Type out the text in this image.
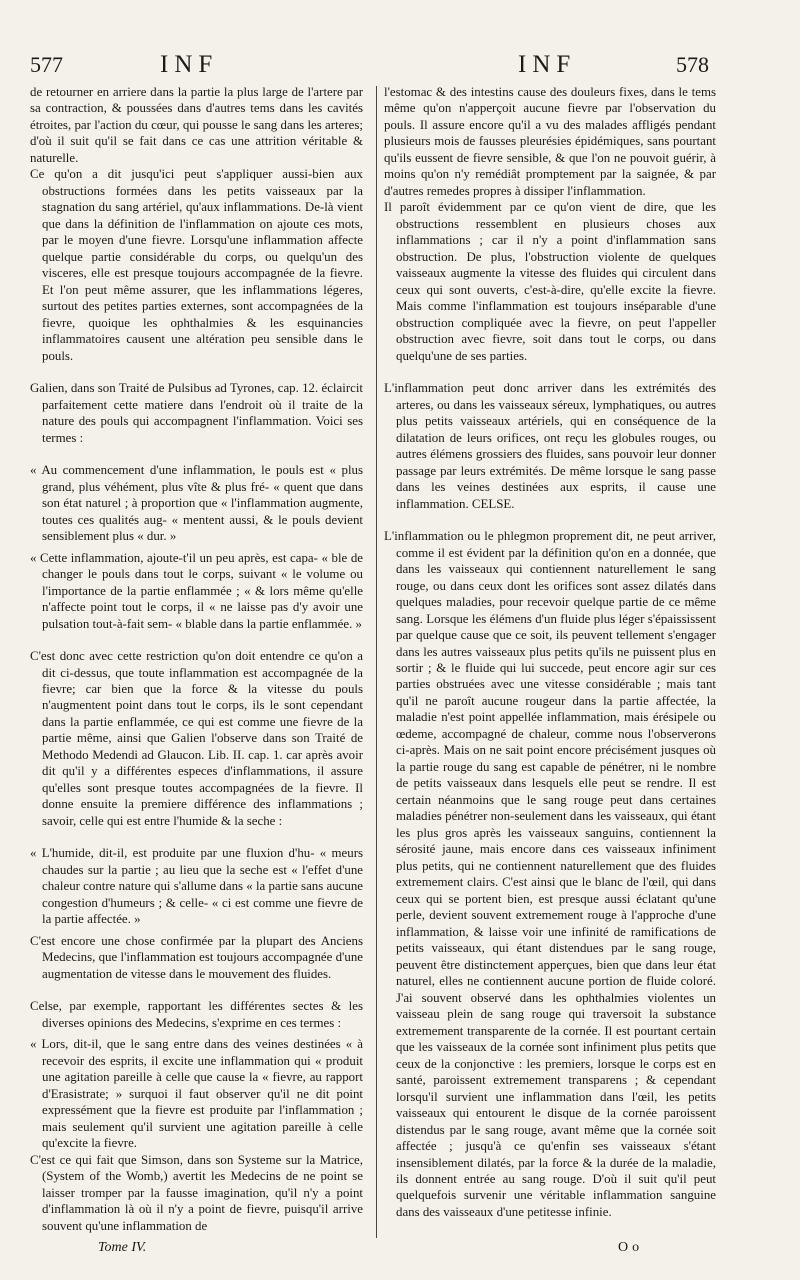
577	INF	INF	578

de retourner en arriere dans la partie la plus large de l'artere par sa contraction, & poussées dans d'autres tems dans les cavités étroites, par l'action du cœur, qui pousse le sang dans les arteres; d'où il suit qu'il se fait dans ce cas une attrition véritable & naturelle.

Ce qu'on a dit jusqu'ici peut s'appliquer aussi-bien aux obstructions formées dans les petits vaisseaux par la stagnation du sang artériel, qu'aux inflammations. De-là vient que dans la définition de l'inflammation on ajoute ces mots, par le moyen d'une fievre. Lorsqu'une inflammation affecte quelque partie considérable du corps, ou quelqu'un des visceres, elle est presque toujours accompagnée de la fievre. Et l'on peut même assurer, que les inflammations légeres, surtout des petites parties externes, sont accompagnées de la fievre, quoique les ophthalmies & les esquinancies inflammatoires causent une altération peu sensible dans le pouls.

Galien, dans son Traité de Pulsibus ad Tyrones, cap. 12. éclaircit parfaitement cette matiere dans l'endroit où il traite de la nature des pouls qui accompagnent l'inflammation. Voici ses termes :

« Au commencement d'une inflammation, le pouls est « plus grand, plus véhément, plus vîte & plus fré- « quent que dans son état naturel ; à proportion que « l'inflammation augmente, toutes ces qualités aug- « mentent aussi, & le pouls devient sensiblement plus « dur. »

« Cette inflammation, ajoute-t'il un peu après, est capa- « ble de changer le pouls dans tout le corps, suivant « le volume ou l'importance de la partie enflammée ; « & lors même qu'elle n'affecte point tout le corps, il « ne laisse pas d'y avoir une pulsation tout-à-fait sem- « blable dans la partie enflammée. »

C'est donc avec cette restriction qu'on doit entendre ce qu'on a dit ci-dessus, que toute inflammation est accompagnée de la fievre; car bien que la force & la vitesse du pouls n'augmentent point dans tout le corps, ils le sont cependant dans la partie enflammée, ce qui est comme une fievre de la partie même, ainsi que Galien l'observe dans son Traité de Methodo Medendi ad Glaucon. Lib. II. cap. 1. car après avoir dit qu'il y a différentes especes d'inflammations, il assure qu'elles sont presque toutes accompagnées de la fievre. Il donne ensuite la premiere différence des inflammations ; savoir, celle qui est entre l'humide & la seche :

« L'humide, dit-il, est produite par une fluxion d'hu- « meurs chaudes sur la partie ; au lieu que la seche est « l'effet d'une chaleur contre nature qui s'allume dans « la partie sans aucune congestion d'humeurs ; & celle- « ci est comme une fievre de la partie affectée. »

C'est encore une chose confirmée par la plupart des Anciens Medecins, que l'inflammation est toujours accompagnée d'une augmentation de vitesse dans le mouvement des fluides.

Celse, par exemple, rapportant les différentes sectes & les diverses opinions des Medecins, s'exprime en ces termes :

« Lors, dit-il, que le sang entre dans des veines destinées « à recevoir des esprits, il excite une inflammation qui « produit une agitation pareille à celle que cause la « fievre, au rapport d'Erasistrate; » surquoi il faut observer qu'il ne dit point expressément que la fievre est produite par l'inflammation ; mais seulement qu'il survient une agitation pareille à celle qu'excite la fievre.

C'est ce qui fait que Simson, dans son Systeme sur la Matrice, (System of the Womb,) avertit les Medecins de ne point se laisser tromper par la fausse imagination, qu'il n'y a point d'inflammation là où il n'y a point de fievre, puisqu'il arrive souvent qu'une inflammation de

l'estomac & des intestins cause des douleurs fixes, dans le tems même qu'on n'apperçoit aucune fievre par l'observation du pouls. Il assure encore qu'il a vu des malades affligés pendant plusieurs mois de fausses pleurésies épidémiques, sans pourtant qu'ils eussent de fievre sensible, & que l'on ne pouvoit guérir, à moins qu'on n'y remédiât promptement par la saignée, & par d'autres remedes propres à dissiper l'inflammation.

Il paroît évidemment par ce qu'on vient de dire, que les obstructions ressemblent en plusieurs choses aux inflammations ; car il n'y a point d'inflammation sans obstruction. De plus, l'obstruction violente de quelques vaisseaux augmente la vitesse des fluides qui circulent dans ceux qui sont ouverts, c'est-à-dire, qu'elle excite la fievre. Mais comme l'inflammation est toujours inséparable d'une obstruction compliquée avec la fievre, on peut l'appeller obstruction avec fievre, soit dans tout le corps, ou dans quelqu'une de ses parties.

L'inflammation peut donc arriver dans les extrémités des arteres, ou dans les vaisseaux séreux, lymphatiques, ou autres plus petits vaisseaux artériels, qui en conséquence de la dilatation de leurs orifices, ont reçu les globules rouges, ou autres élémens grossiers des fluides, sans pouvoir leur donner passage par leurs extrémités. De même lorsque le sang passe dans les veines destinées aux esprits, il cause une inflammation. CELSE.

L'inflammation ou le phlegmon proprement dit, ne peut arriver, comme il est évident par la définition qu'on en a donnée, que dans les vaisseaux qui contiennent naturellement le sang rouge, ou dans ceux dont les orifices sont assez dilatés dans quelques maladies, pour recevoir quelque partie de ce même sang. Lorsque les élémens d'un fluide plus léger s'épaississent par quelque cause que ce soit, ils peuvent tellement s'engager dans les autres vaisseaux plus petits qu'ils ne puissent plus en sortir ; & le fluide qui lui succede, peut encore agir sur ces parties obstruées avec une vitesse considérable ; mais tant qu'il ne paroît aucune rougeur dans la partie affectée, la maladie n'est point appellée inflammation, mais érésipele ou œdeme, accompagné de chaleur, comme nous l'observerons ci-après. Mais on ne sait point encore précisément jusques où la partie rouge du sang est capable de pénétrer, ni le nombre de petits vaisseaux dans lesquels elle peut se rendre. Il est certain néanmoins que le sang rouge peut dans certaines maladies pénétrer non-seulement dans les vaisseaux, qui étant les plus gros après les vaisseaux sanguins, contiennent la sérosité jaune, mais encore dans ces vaisseaux infiniment plus petits, qui ne contiennent naturellement que des fluides extremement clairs. C'est ainsi que le blanc de l'œil, qui dans ceux qui se portent bien, est presque aussi éclatant qu'une perle, devient souvent extremement rouge à l'approche d'une inflammation, & laisse voir une infinité de ramifications de petits vaisseaux, qui étant distendues par le sang rouge, peuvent être distinctement apperçues, bien que dans leur état naturel, elles ne contiennent aucune portion de fluide coloré. J'ai souvent observé dans les ophthalmies violentes un vaisseau plein de sang rouge qui traversoit la substance extremement transparente de la cornée. Il est pourtant certain que les vaisseaux de la cornée sont infiniment plus petits que ceux de la conjonctive : les premiers, lorsque le corps est en santé, paroissent extremement transparens ; & cependant lorsqu'il survient une inflammation dans l'œil, les petits vaisseaux qui entourent le disque de la cornée paroissent distendus par le sang rouge, avant même que la cornée soit affectée ; jusqu'à ce qu'enfin ses vaisseaux s'étant insensiblement dilatés, par la force & la durée de la maladie, ils donnent entrée au sang rouge. D'où il suit qu'il peut quelquefois survenir une véritable inflammation sanguine dans des vaisseaux d'une petitesse infinie.

Tome IV.	Oo
